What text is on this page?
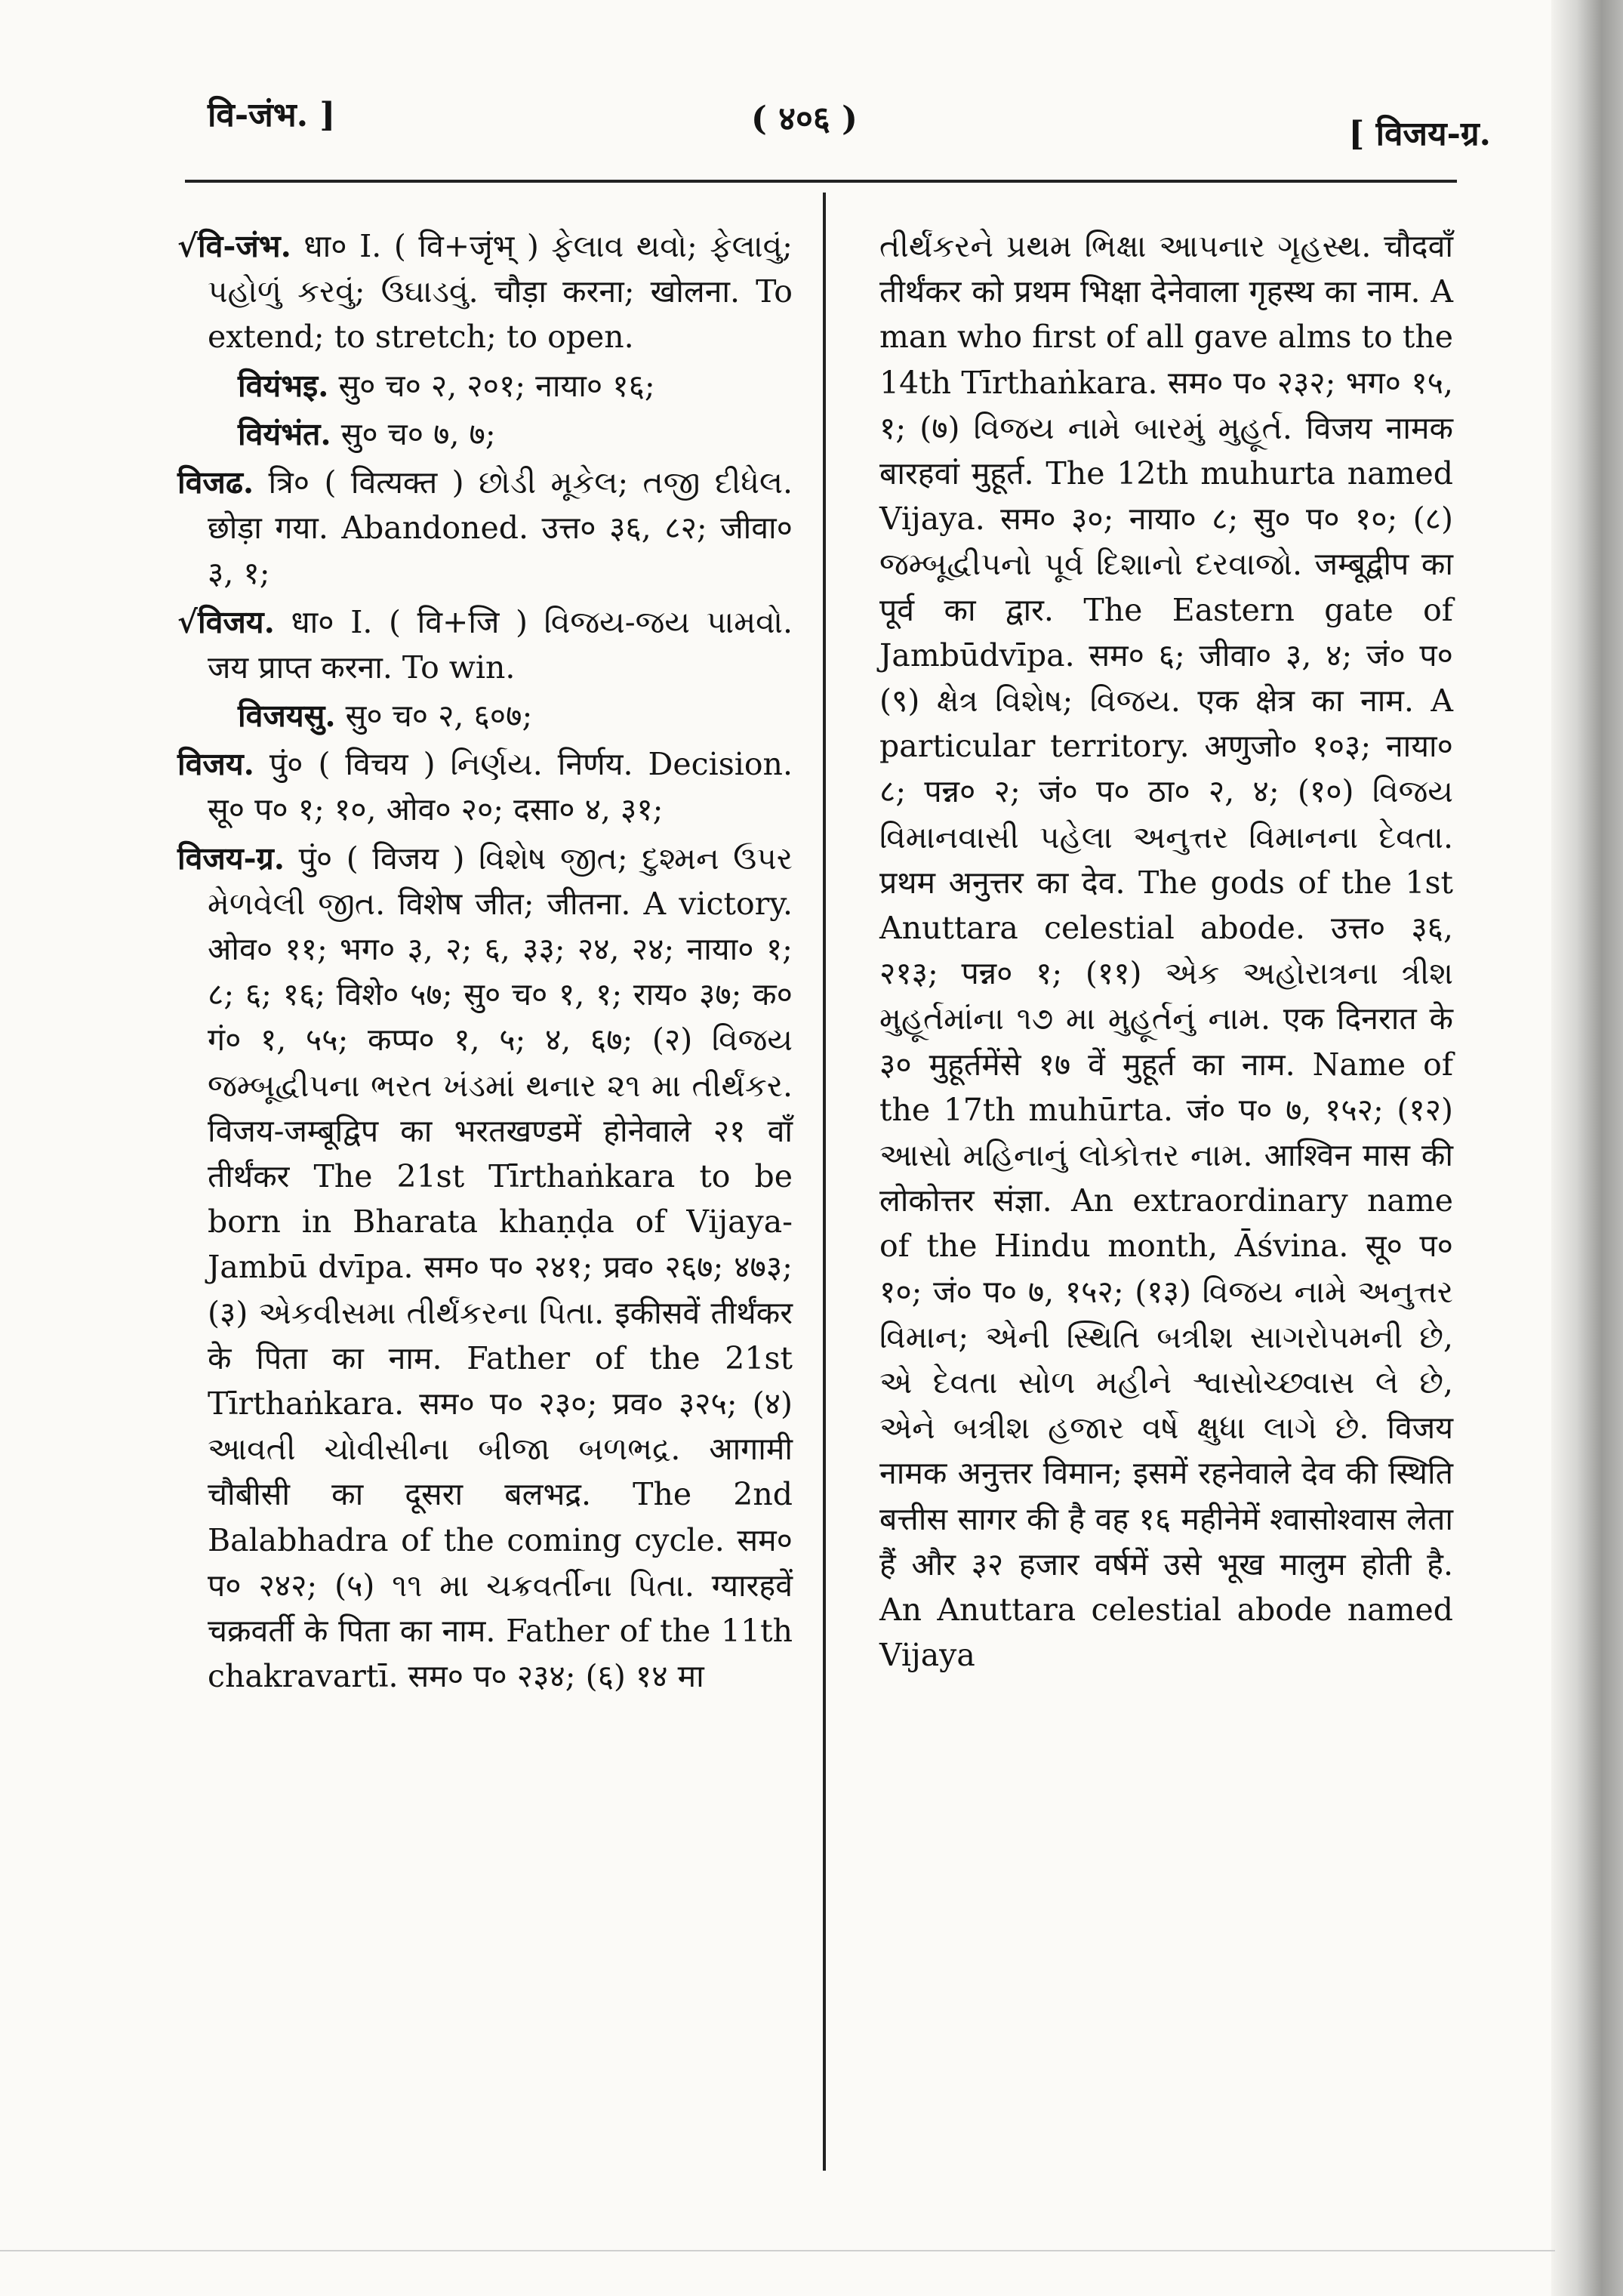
वि-जंभ. ]	( ४०६ )	[ विजय-ग्र.
√वि-जंभ. धा० I. ( वि+जृंभ् ) ફેલાવ થવો; ફેલાવું; પહોળું કરવું; ઉઘાડવું. चौड़ा करना; खोलना. To extend; to stretch; to open.
वियंभइ. सु० च० २, २०१; नाया० १६;
वियंभंत. सु० च० ७, ७;
विजढ. त्रि० ( वित्यक्त ) છોડી મૂકેલ; તજી દીધેલ. छोड़ा गया. Abandoned. उत्त० ३६, ८२; जीवा० ३, १;
√विजय. धा० I. ( वि+जि ) વિજય-જય પામવો. जय प्राप्त करना. To win.
विजयसु. सु० च० २, ६०७;
विजय. पुं० ( विचय ) નિર્ણય. निर्णय. Decision. सू० प० १; १०, ओव० २०; दसा० ४, ३१;
विजय-ग्र. पुं० ( विजय ) વિશેષ જીત; દુશ્મન ઉપર મેળવેલી જીત. विशेष जीत; जीतना. A victory. ओव० ११; भग० ३, २; ६, ३३; २४, २४; नाया० १; ८; ६; १६; विशे० ५७; सु० च० १, १; राय० ३७; क० गं० १, ५५; कप्प० १, ५; ४, ६७; (२) વિજય જમ્બૂદ્વીપના ભરત ખંડમાં થનાર ૨૧ મા તીર્થંકર. विजय-जम्बूद्विप का भरतखण्डमें होनेवाले २१ वाँ तीर्थंकर The 21st Tīrthaṅkara to be born in Bharata khaṇḍa of Vijaya-Jambū dvīpa. सम० प० २४१; प्रव० २६७; ४७३; (३) એકવીસમા તીર્થંકરના પિતા. इकीसवें तीर्थंकर के पिता का नाम. Father of the 21st Tīrthaṅkara. सम० प० २३०; प्रव० ३२५; (४) આવતી ચોવીસીના બીજા બળભદ્ર. आगामी चौबीसी का दूसरा बलभद्र. The 2nd Balabhadra of the coming cycle. सम० प० २४२; (५) ૧૧ મા ચક્રવર્તીના પિતા. ग्यारहवें चक्रवर्ती के पिता का नाम. Father of the 11th chakravartī. सम० प० २३४; (६) १४ मा
તીર્થંકરને પ્રથમ ભિક્ષા આપનાર ગૃહસ્થ. चौदवाँ तीर्थंकर को प्रथम भिक्षा देनेवाला गृहस्थ का नाम. A man who first of all gave alms to the 14th Tīrthaṅkara. सम० प० २३२; भग० १५, १; (७) વિજય નામે બારમું મુહૂર્ત. विजय नामक बारहवां मुहूर्त. The 12th muhurta named Vijaya. सम० ३०; नाया० ८; सु० प० १०; (८) જમ્બૂદ્વીપનો પૂર્વ દિશાનો દરવાજો. जम्बूद्वीप का पूर्व का द्वार. The Eastern gate of Jambūdvīpa. सम० ६; जीवा० ३, ४; जं० प० (९) ક્ષેત્ર વિશેષ; વિજય. एक क्षेत्र का नाम. A particular territory. अणुजो० १०३; नाया० ८; पन्न० २; जं० प० ठा० २, ४; (१०) વિજય વિમાનવાસી પહેલા અનુત્તર વિમાનના દેવતા. प्रथम अनुत्तर का देव. The gods of the 1st Anuttara celestial abode. उत्त० ३६, २१३; पन्न० १; (११) એક અહોરાત્રના ત્રીશ મુહૂર્તમાંના ૧૭ મા મુહૂર્તનું નામ. एक दिनरात के ३० मुहूर्तमेंसे १७ वें मुहूर्त का नाम. Name of the 17th muhūrta. जं० प० ७, १५२; (१२) આસો મહિનાનું લોકોત્તર નામ. आश्विन मास की लोकोत्तर संज्ञा. An extraordinary name of the Hindu month, Āśvina. सू० प० १०; जं० प० ७, १५२; (१३) વિજય નામે અનુત્તર વિમાન; એની સ્થિતિ બત્રીશ સાગરોપમની છે, એ દેવતા સોળ મહીને શ્વાસોચ્છ્વાસ લે છે, એને બત્રીશ હજાર વર્ષે ક્ષુધા લાગે છે. विजय नामक अनुत्तर विमान; इसमें रहनेवाले देव की स्थिति बत्तीस सागर की है वह १६ महीनेमें श्वासोश्वास लेता हैं और ३२ हजार वर्षमें उसे भूख मालुम होती है. An Anuttara celestial abode named Vijaya
